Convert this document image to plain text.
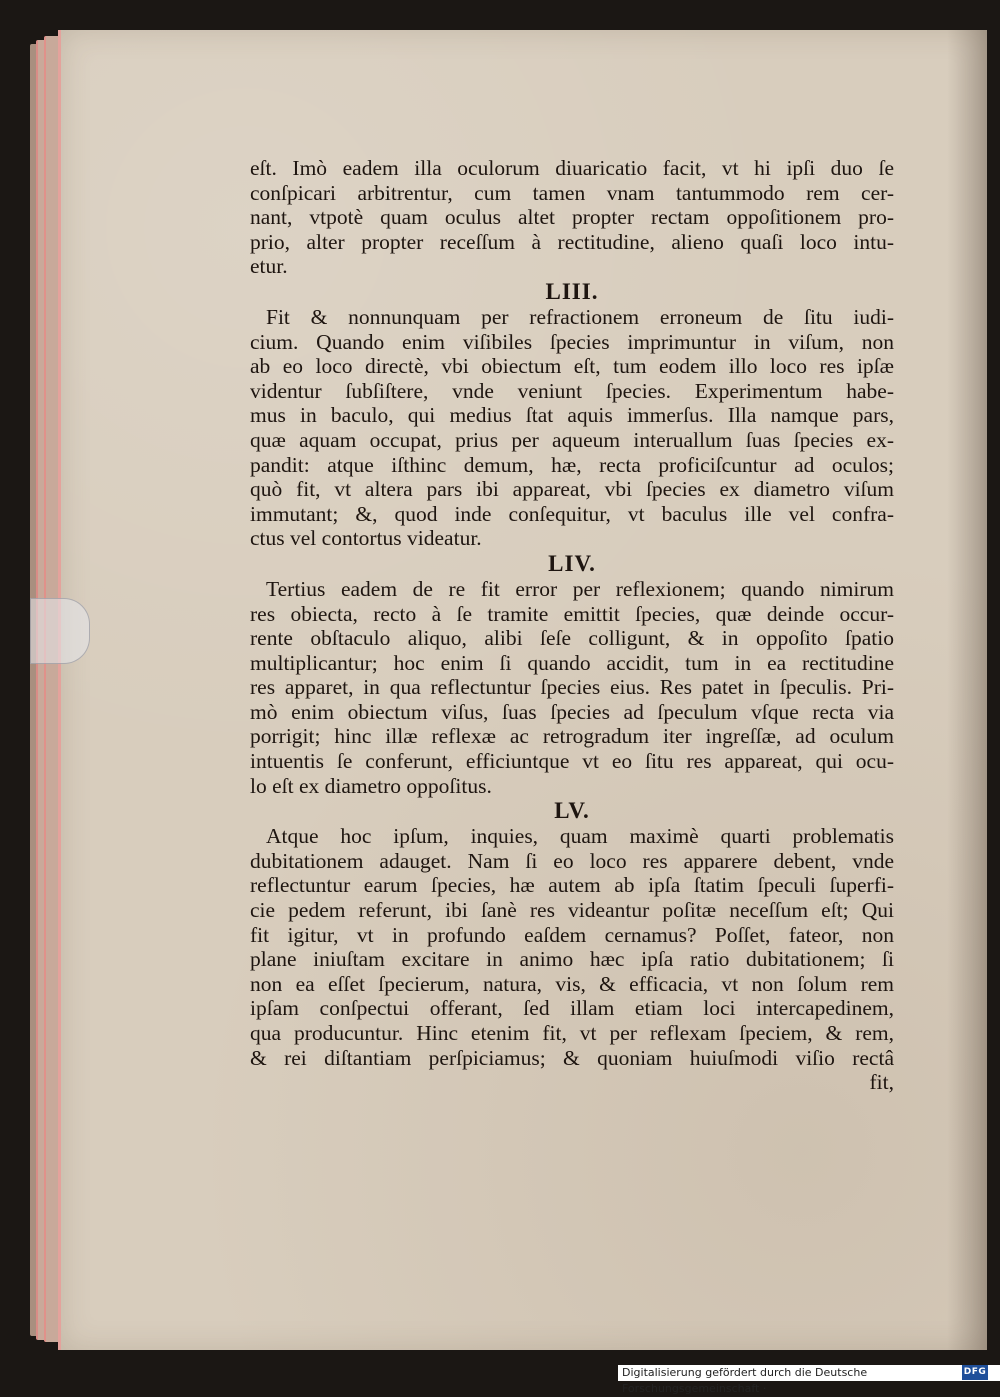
eſt. Imò eadem illa oculorum diuaricatio facit, vt hi ipſi duo ſe
conſpicari arbitrentur, cum tamen vnam tantummodo rem cer-
nant, vtpotè quam oculus altet propter rectam oppoſitionem pro-
prio, alter propter receſſum à rectitudine, alieno quaſi loco intu-
etur.
LIII.
Fit & nonnunquam per refractionem erroneum de ſitu iudi-
cium. Quando enim viſibiles ſpecies imprimuntur in viſum, non
ab eo loco directè, vbi obiectum eſt, tum eodem illo loco res ipſæ
videntur ſubſiſtere, vnde veniunt ſpecies. Experimentum habe-
mus in baculo, qui medius ſtat aquis immerſus. Illa namque pars,
quæ aquam occupat, prius per aqueum interuallum ſuas ſpecies ex-
pandit: atque iſthinc demum, hæ, recta proficiſcuntur ad oculos;
quò fit, vt altera pars ibi appareat, vbi ſpecies ex diametro viſum
immutant; &, quod inde conſequitur, vt baculus ille vel confra-
ctus vel contortus videatur.
LIV.
Tertius eadem de re fit error per reflexionem; quando nimirum
res obiecta, recto à ſe tramite emittit ſpecies, quæ deinde occur-
rente obſtaculo aliquo, alibi ſeſe colligunt, & in oppoſito ſpatio
multiplicantur; hoc enim ſi quando accidit, tum in ea rectitudine
res apparet, in qua reflectuntur ſpecies eius. Res patet in ſpeculis. Pri-
mò enim obiectum viſus, ſuas ſpecies ad ſpeculum vſque recta via
porrigit; hinc illæ reflexæ ac retrogradum iter ingreſſæ, ad oculum
intuentis ſe conferunt, efficiuntque vt eo ſitu res appareat, qui ocu-
lo eſt ex diametro oppoſitus.
LV.
Atque hoc ipſum, inquies, quam maximè quarti problematis
dubitationem adauget. Nam ſi eo loco res apparere debent, vnde
reflectuntur earum ſpecies, hæ autem ab ipſa ſtatim ſpeculi ſuperfi-
cie pedem referunt, ibi ſanè res videantur poſitæ neceſſum eſt; Qui
fit igitur, vt in profundo eaſdem cernamus? Poſſet, fateor, non
plane iniuſtam excitare in animo hæc ipſa ratio dubitationem; ſi
non ea eſſet ſpecierum, natura, vis, & efficacia, vt non ſolum rem
ipſam conſpectui offerant, ſed illam etiam loci intercapedinem,
qua producuntur. Hinc etenim fit, vt per reflexam ſpeciem, & rem,
& rei diſtantiam perſpiciamus; & quoniam huiuſmodi viſio rectâ
fit,
Digitalisierung gefördert durch die Deutsche Forschungsgemeinschaft ·
DFG
